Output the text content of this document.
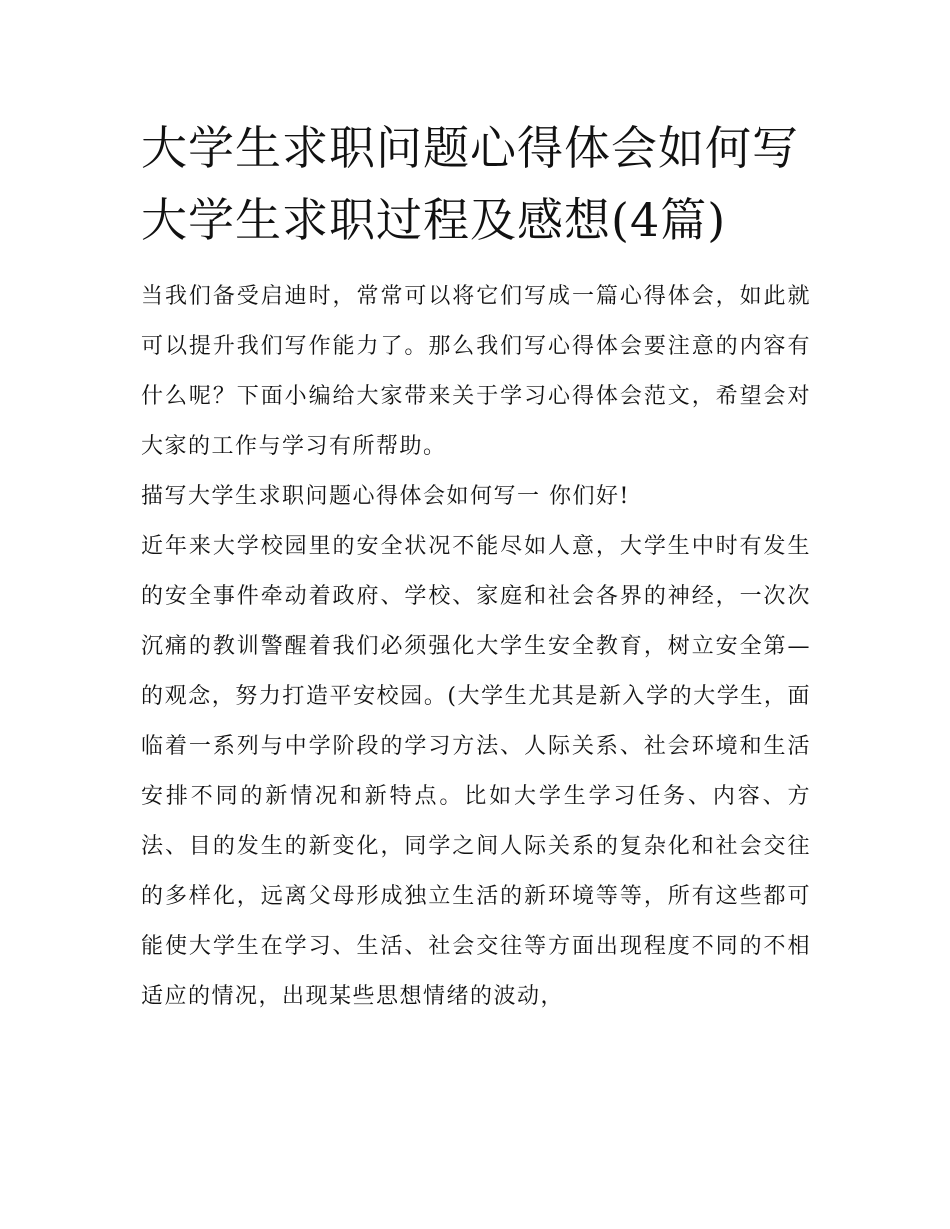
大学生求职问题心得体会如何写 大学生求职过程及感想(4篇)

当我们备受启迪时，常常可以将它们写成一篇心得体会，如此就可以提升我们写作能力了。那么我们写心得体会要注意的内容有什么呢？下面小编给大家带来关于学习心得体会范文，希望会对大家的工作与学习有所帮助。

描写大学生求职问题心得体会如何写一 你们好!

近年来大学校园里的安全状况不能尽如人意，大学生中时有发生的安全事件牵动着政府、学校、家庭和社会各界的神经，一次次沉痛的教训警醒着我们必须强化大学生安全教育，树立安全第—的观念，努力打造平安校园。(大学生尤其是新入学的大学生，面临着一系列与中学阶段的学习方法、人际关系、社会环境和生活安排不同的新情况和新特点。比如大学生学习任务、内容、方法、目的发生的新变化，同学之间人际关系的复杂化和社会交往的多样化，远离父母形成独立生活的新环境等等，所有这些都可能使大学生在学习、生活、社会交往等方面出现程度不同的不相适应的情况，出现某些思想情绪的波动，
